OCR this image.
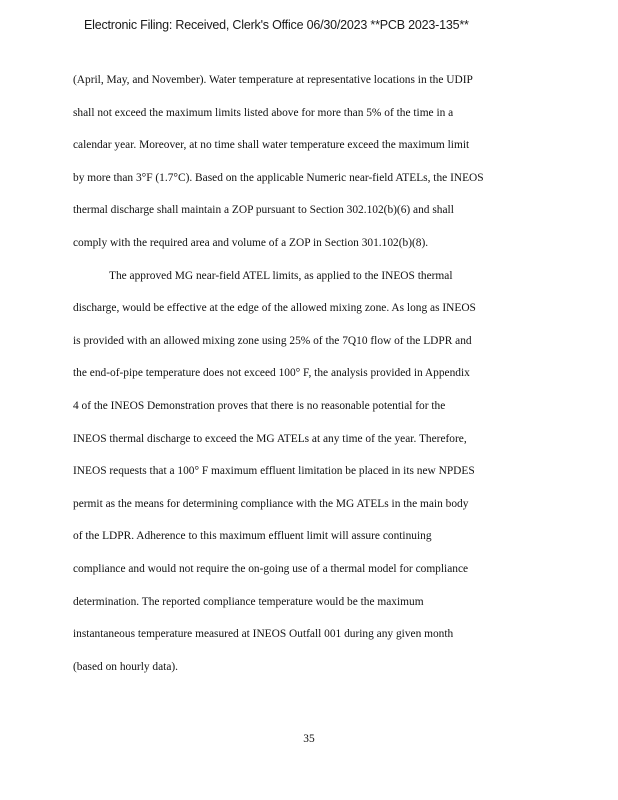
Electronic Filing: Received, Clerk's Office 06/30/2023 **PCB 2023-135**
(April, May, and November). Water temperature at representative locations in the UDIP
shall not exceed the maximum limits listed above for more than 5% of the time in a
calendar year. Moreover, at no time shall water temperature exceed the maximum limit
by more than 3°F (1.7°C). Based on the applicable Numeric near-field ATELs, the INEOS
thermal discharge shall maintain a ZOP pursuant to Section 302.102(b)(6) and shall
comply with the required area and volume of a ZOP in Section 301.102(b)(8).
The approved MG near-field ATEL limits, as applied to the INEOS thermal
discharge, would be effective at the edge of the allowed mixing zone. As long as INEOS
is provided with an allowed mixing zone using 25% of the 7Q10 flow of the LDPR and
the end-of-pipe temperature does not exceed 100° F, the analysis provided in Appendix
4 of the INEOS Demonstration proves that there is no reasonable potential for the
INEOS thermal discharge to exceed the MG ATELs at any time of the year. Therefore,
INEOS requests that a 100° F maximum effluent limitation be placed in its new NPDES
permit as the means for determining compliance with the MG ATELs in the main body
of the LDPR. Adherence to this maximum effluent limit will assure continuing
compliance and would not require the on-going use of a thermal model for compliance
determination. The reported compliance temperature would be the maximum
instantaneous temperature measured at INEOS Outfall 001 during any given month
(based on hourly data).
35
